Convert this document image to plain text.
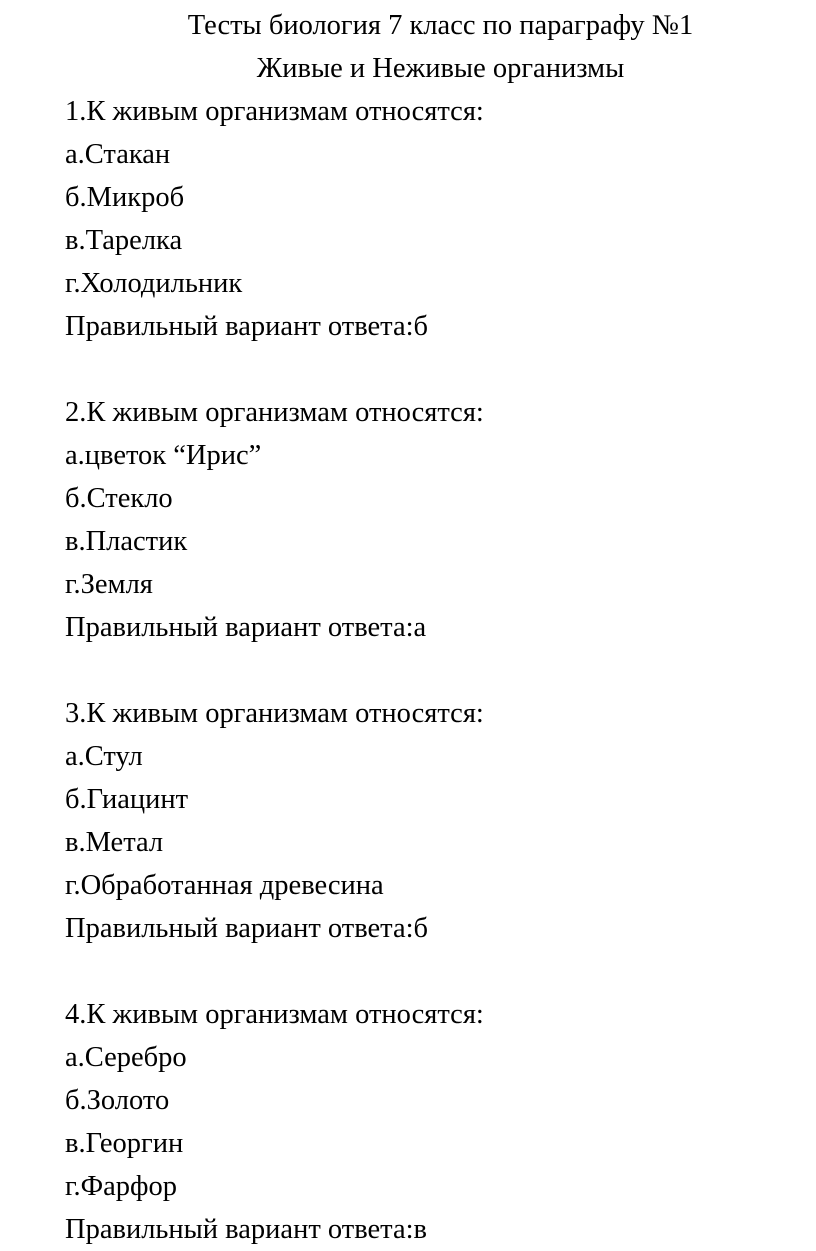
Тесты биология 7 класс по параграфу №1
Живые и Неживые организмы
1.К живым организмам относятся:
а.Стакан
б.Микроб
в.Тарелка
г.Холодильник
Правильный вариант ответа:б
2.К живым организмам относятся:
а.цветок “Ирис”
б.Стекло
в.Пластик
г.Земля
Правильный вариант ответа:а
3.К живым организмам относятся:
а.Стул
б.Гиацинт
в.Метал
г.Обработанная древесина
Правильный вариант ответа:б
4.К живым организмам относятся:
а.Серебро
б.Золото
в.Георгин
г.Фарфор
Правильный вариант ответа:в
